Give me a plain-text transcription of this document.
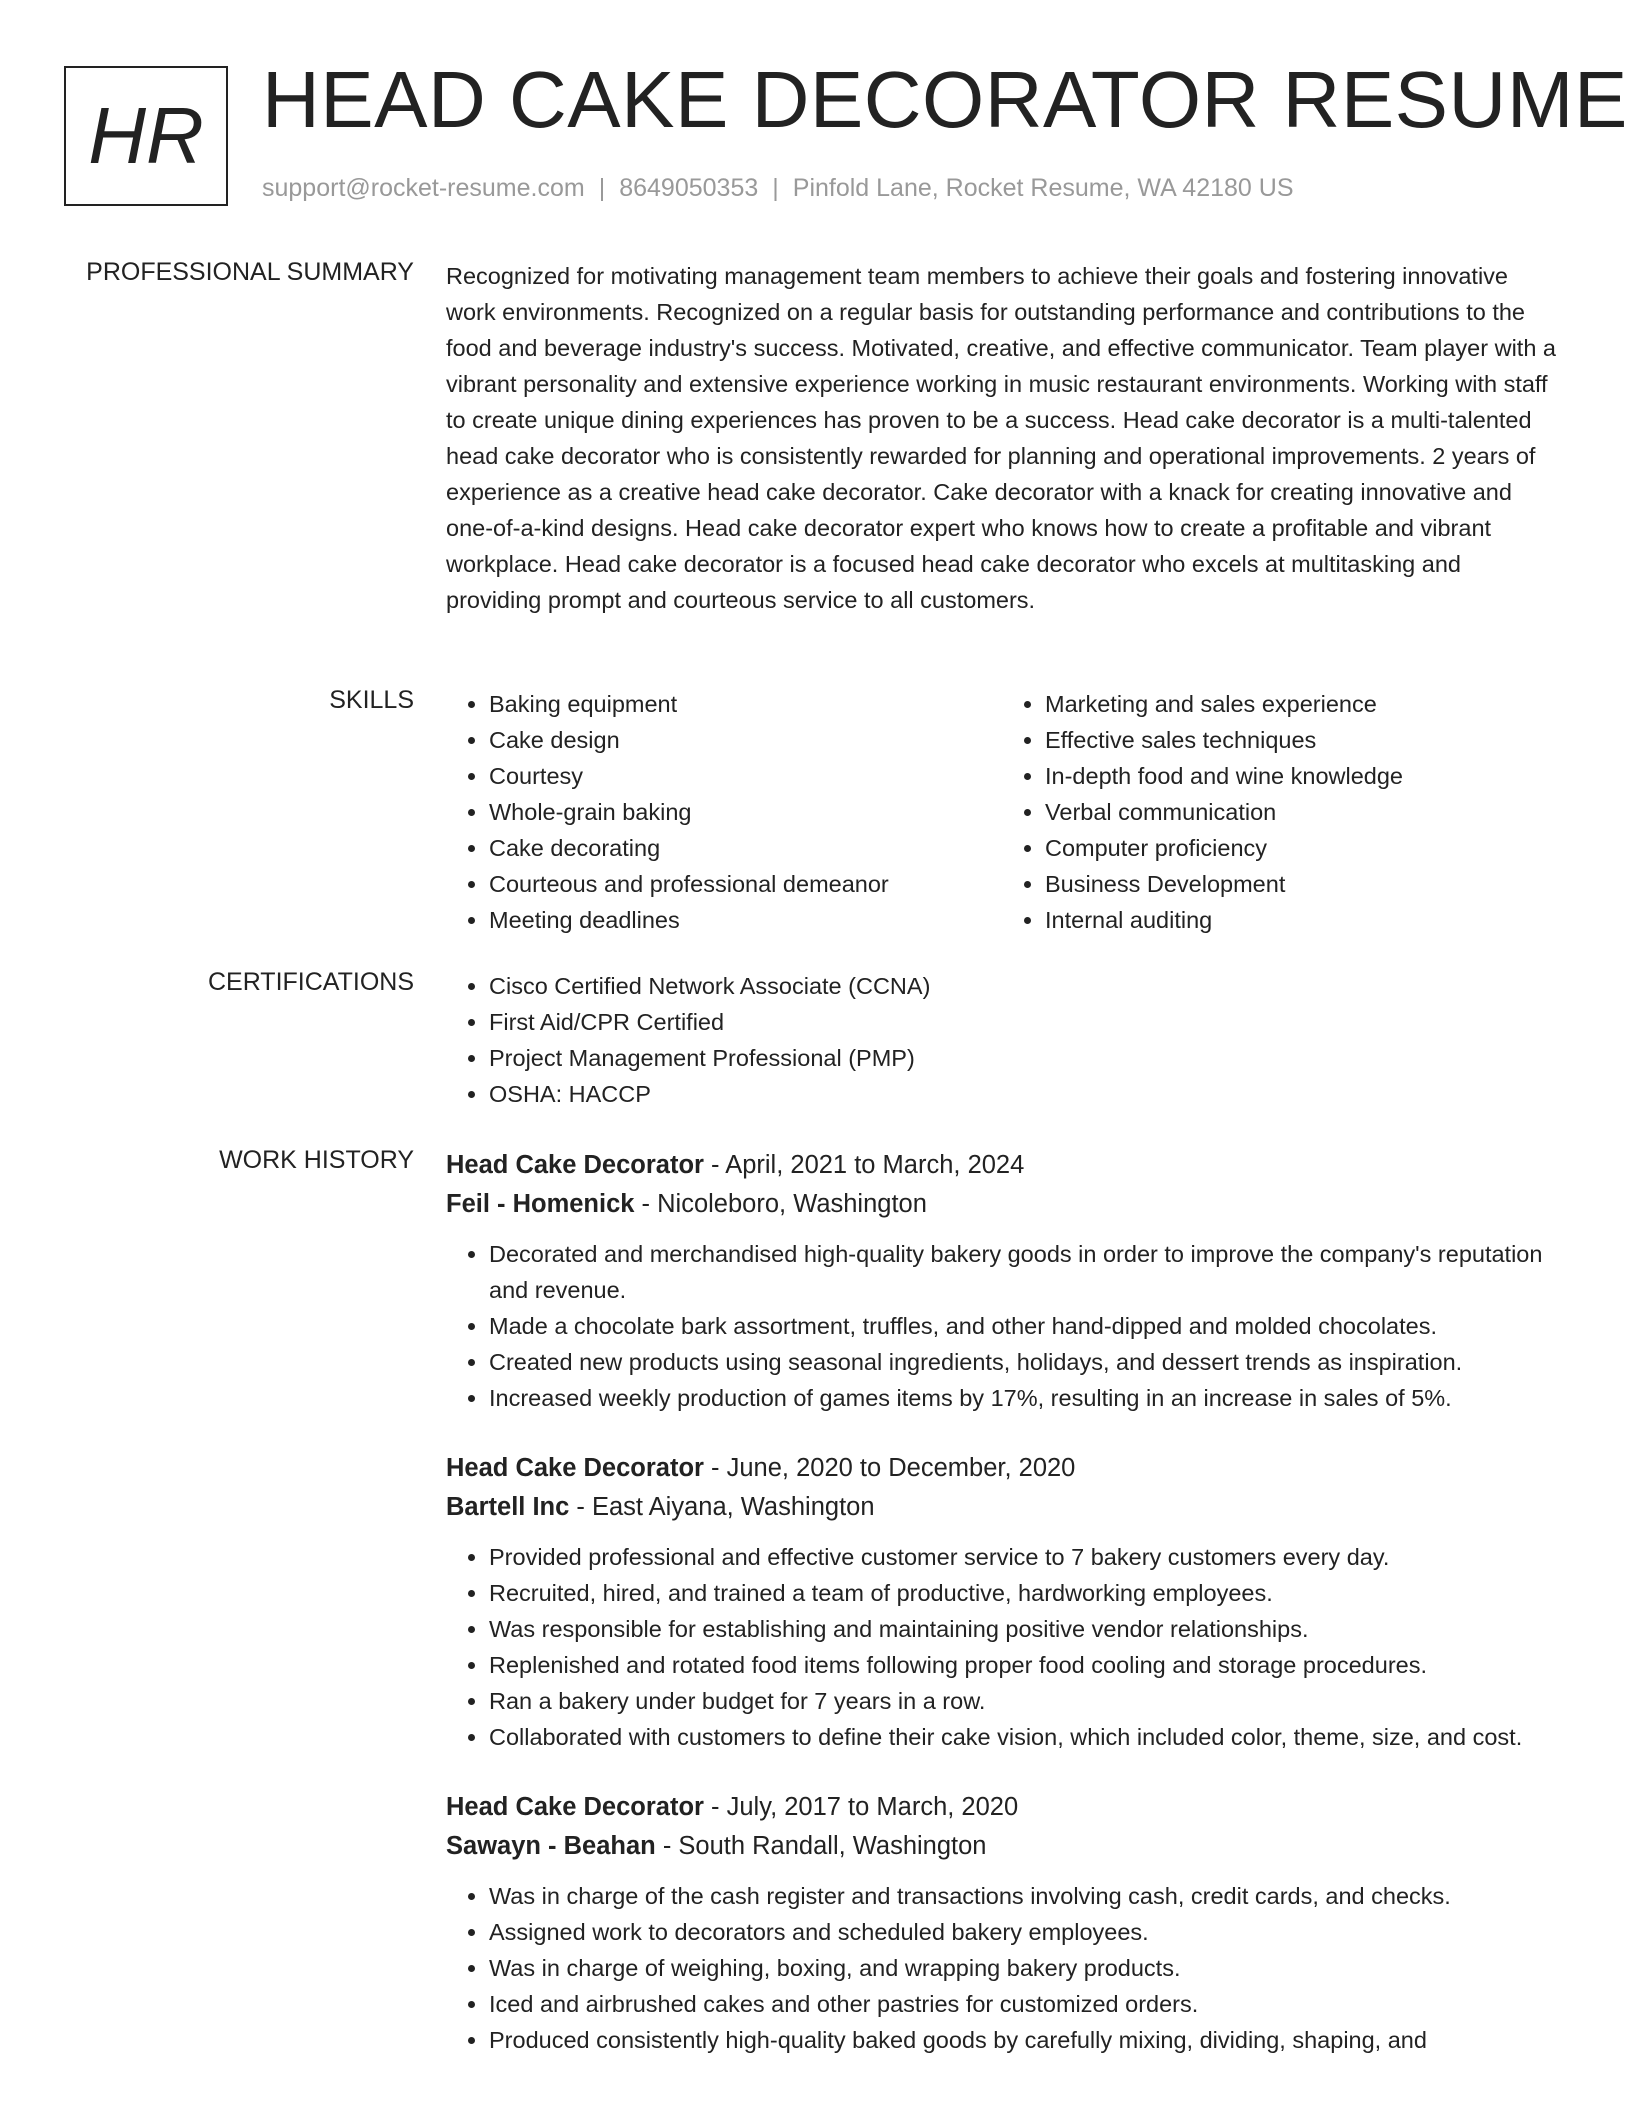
HR HEAD CAKE DECORATOR RESUME
support@rocket-resume.com | 8649050353 | Pinfold Lane, Rocket Resume, WA 42180 US
PROFESSIONAL SUMMARY Recognized for motivating management team members to achieve their goals and fostering innovative work environments. Recognized on a regular basis for outstanding performance and contributions to the food and beverage industry's success. Motivated, creative, and effective communicator. Team player with a vibrant personality and extensive experience working in music restaurant environments. Working with staff to create unique dining experiences has proven to be a success. Head cake decorator is a multi-talented head cake decorator who is consistently rewarded for planning and operational improvements. 2 years of experience as a creative head cake decorator. Cake decorator with a knack for creating innovative and one-of-a-kind designs. Head cake decorator expert who knows how to create a profitable and vibrant workplace. Head cake decorator is a focused head cake decorator who excels at multitasking and providing prompt and courteous service to all customers.

SKILLS	• Baking equipment
• Cake design
• Courtesy
• Whole-grain baking
• Cake decorating
• Courteous and professional demeanor
• Meeting deadlines
• Marketing and sales experience
• Effective sales techniques
• In-depth food and wine knowledge
• Verbal communication
• Computer proficiency
• Business Development
• Internal auditing
CERTIFICATIONS	• Cisco Certified Network Associate (CCNA)
• First Aid/CPR Certified
• Project Management Professional (PMP)
• OSHA: HACCP
WORK HISTORY Head Cake Decorator - April, 2021 to March, 2024
Feil - Homenick - Nicoleboro, Washington
• Decorated and merchandised high-quality bakery goods in order to improve the company's reputation and revenue.
• Made a chocolate bark assortment, truffles, and other hand-dipped and molded chocolates.
• Created new products using seasonal ingredients, holidays, and dessert trends as inspiration.
• Increased weekly production of games items by 17%, resulting in an increase in sales of 5%.
Head Cake Decorator - June, 2020 to December, 2020
Bartell Inc - East Aiyana, Washington
• Provided professional and effective customer service to 7 bakery customers every day.
• Recruited, hired, and trained a team of productive, hardworking employees.
• Was responsible for establishing and maintaining positive vendor relationships.
• Replenished and rotated food items following proper food cooling and storage procedures.
• Ran a bakery under budget for 7 years in a row.
• Collaborated with customers to define their cake vision, which included color, theme, size, and cost.
Head Cake Decorator - July, 2017 to March, 2020
Sawayn - Beahan - South Randall, Washington
• Was in charge of the cash register and transactions involving cash, credit cards, and checks.
• Assigned work to decorators and scheduled bakery employees.
• Was in charge of weighing, boxing, and wrapping bakery products.
• Iced and airbrushed cakes and other pastries for customized orders.
• Produced consistently high-quality baked goods by carefully mixing, dividing, shaping, and
